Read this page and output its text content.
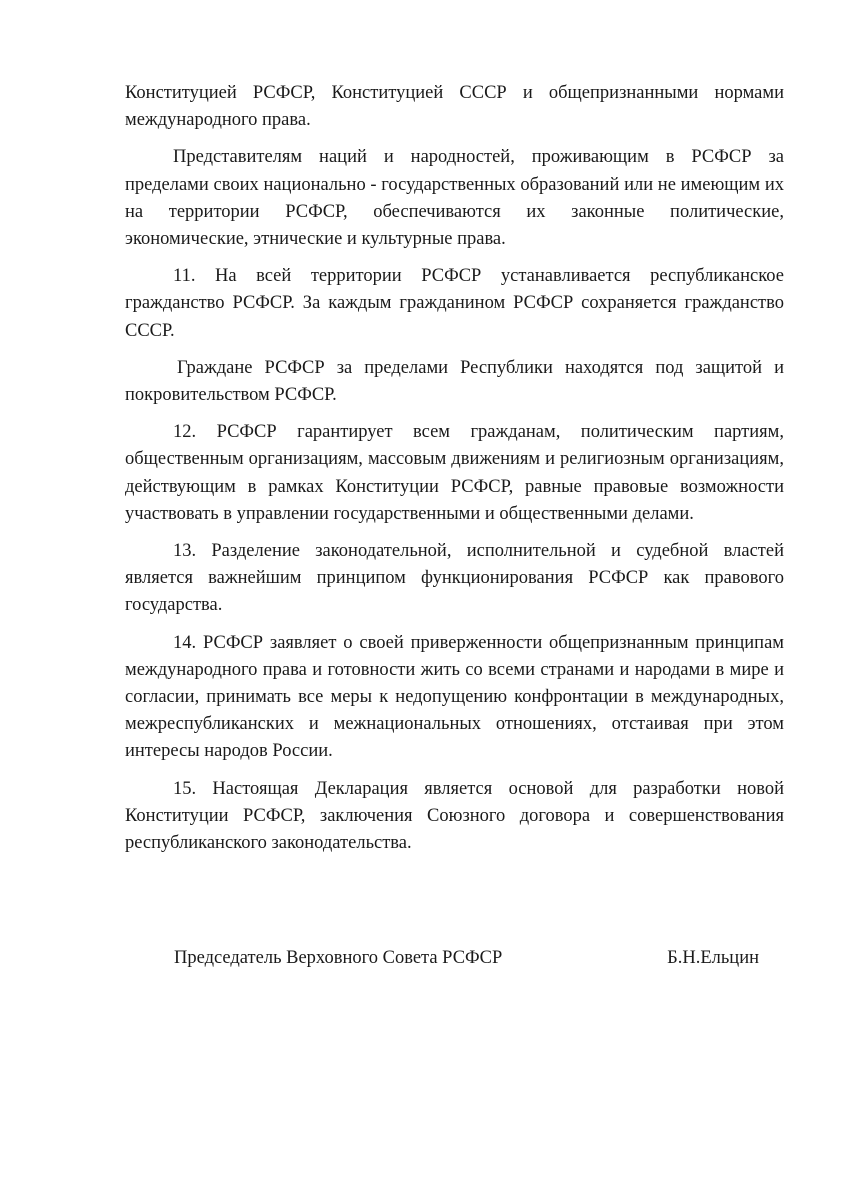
Конституцией РСФСР, Конституцией СССР и общепризнанными нормами международного права.

Представителям наций и народностей, проживающим в РСФСР за пределами своих национально - государственных образований или не имеющим их на территории РСФСР, обеспечиваются их законные политические, экономические, этнические и культурные права.

11. На всей территории РСФСР устанавливается республиканское гражданство РСФСР. За каждым гражданином РСФСР сохраняется гражданство СССР.

Граждане РСФСР за пределами Республики находятся под защитой и покровительством РСФСР.

12. РСФСР гарантирует всем гражданам, политическим партиям, общественным организациям, массовым движениям и религиозным организациям, действующим в рамках Конституции РСФСР, равные правовые возможности участвовать в управлении государственными и общественными делами.

13. Разделение законодательной, исполнительной и судебной властей является важнейшим принципом функционирования РСФСР как правового государства.

14. РСФСР заявляет о своей приверженности общепризнанным принципам международного права и готовности жить со всеми странами и народами в мире и согласии, принимать все меры к недопущению конфронтации в международных, межреспубликанских и межнациональных отношениях, отстаивая при этом интересы народов России.

15. Настоящая Декларация является основой для разработки новой Конституции РСФСР, заключения Союзного договора и совершенствования республиканского законодательства.

Председатель Верховного Совета РСФСР	Б.Н.Ельцин
